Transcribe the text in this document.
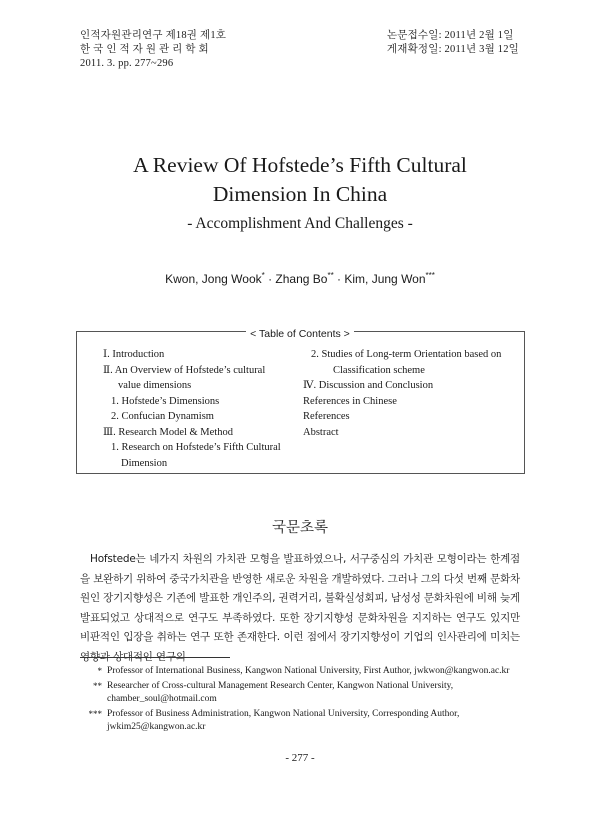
인적자원관리연구 제18권 제1호
한 국 인 적 자 원 관 리 학 회
2011. 3. pp. 277~296
논문접수일: 2011년 2월 1일
게재확정일: 2011년 3월 12일
A Review Of Hofstede’s Fifth Cultural
Dimension In China
- Accomplishment And Challenges -
Kwon, Jong Wook* · Zhang Bo** · Kim, Jung Won***
< Table of Contents >
Ⅰ. Introduction
Ⅱ. An Overview of Hofstede’s cultural
value dimensions
1. Hofstede’s Dimensions
2. Confucian Dynamism
Ⅲ. Research Model & Method
1. Research on Hofstede’s Fifth Cultural
Dimension
2. Studies of Long-term Orientation based on
Classification scheme
Ⅳ. Discussion and Conclusion
References in Chinese
References
Abstract
국문초록

Hofstede는 네가지 차원의 가치관 모형을 발표하였으나, 서구중심의 가치관 모형이라는 한계점을 보완하기 위하여 중국가치관을 반영한 새로운 차원을 개발하였다. 그러나 그의 다섯 번째 문화차원인 장기지향성은 기존에 발표한 개인주의, 권력거리, 불확실성회피, 남성성 문화차원에 비해 늦게 발표되었고 상대적으로 연구도 부족하였다. 또한 장기지향성 문화차원을 지지하는 연구도 있지만 비판적인 입장을 취하는 연구 또한 존재한다. 이런 점에서 장기지향성이 기업의 인사관리에 미치는 영향과 상대적인 연구의

* Professor of International Business, Kangwon National University, First Author, jwkwon@kangwon.ac.kr
** Researcher of Cross-cultural Management Research Center, Kangwon National University, chamber_soul@hotmail.com
*** Professor of Business Administration, Kangwon National University, Corresponding Author, jwkim25@kangwon.ac.kr
- 277 -
